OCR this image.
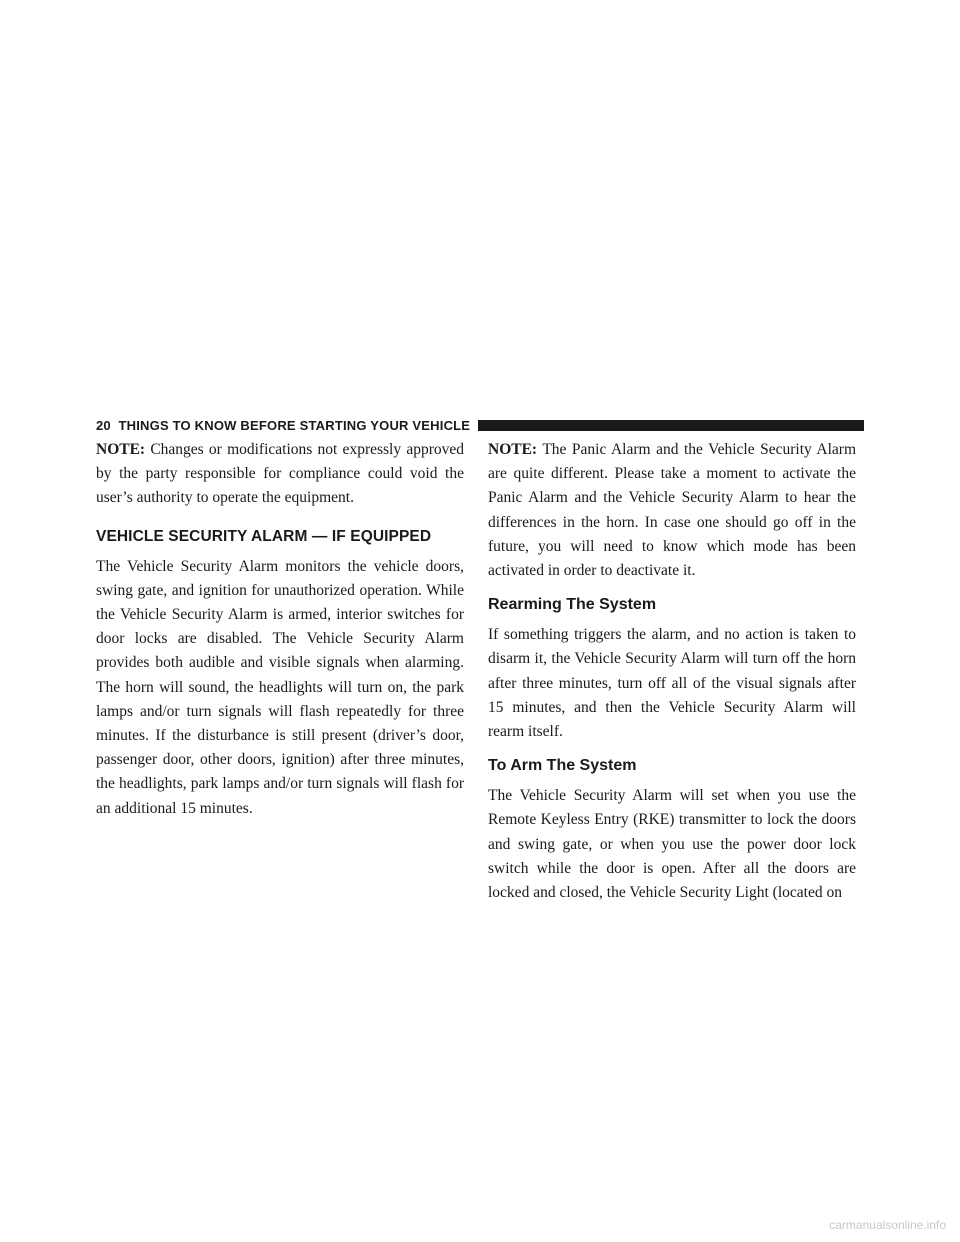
20 THINGS TO KNOW BEFORE STARTING YOUR VEHICLE

NOTE: Changes or modifications not expressly approved by the party responsible for compliance could void the user’s authority to operate the equipment.

VEHICLE SECURITY ALARM — IF EQUIPPED

The Vehicle Security Alarm monitors the vehicle doors, swing gate, and ignition for unauthorized operation. While the Vehicle Security Alarm is armed, interior switches for door locks are disabled. The Vehicle Security Alarm provides both audible and visible signals when alarming. The horn will sound, the headlights will turn on, the park lamps and/or turn signals will flash repeatedly for three minutes. If the disturbance is still present (driver’s door, passenger door, other doors, ignition) after three minutes, the headlights, park lamps and/or turn signals will flash for an additional 15 minutes.

NOTE: The Panic Alarm and the Vehicle Security Alarm are quite different. Please take a moment to activate the Panic Alarm and the Vehicle Security Alarm to hear the differences in the horn. In case one should go off in the future, you will need to know which mode has been activated in order to deactivate it.

Rearming The System

If something triggers the alarm, and no action is taken to disarm it, the Vehicle Security Alarm will turn off the horn after three minutes, turn off all of the visual signals after 15 minutes, and then the Vehicle Security Alarm will rearm itself.

To Arm The System

The Vehicle Security Alarm will set when you use the Remote Keyless Entry (RKE) transmitter to lock the doors and swing gate, or when you use the power door lock switch while the door is open. After all the doors are locked and closed, the Vehicle Security Light (located on

carmanualsonline.info
